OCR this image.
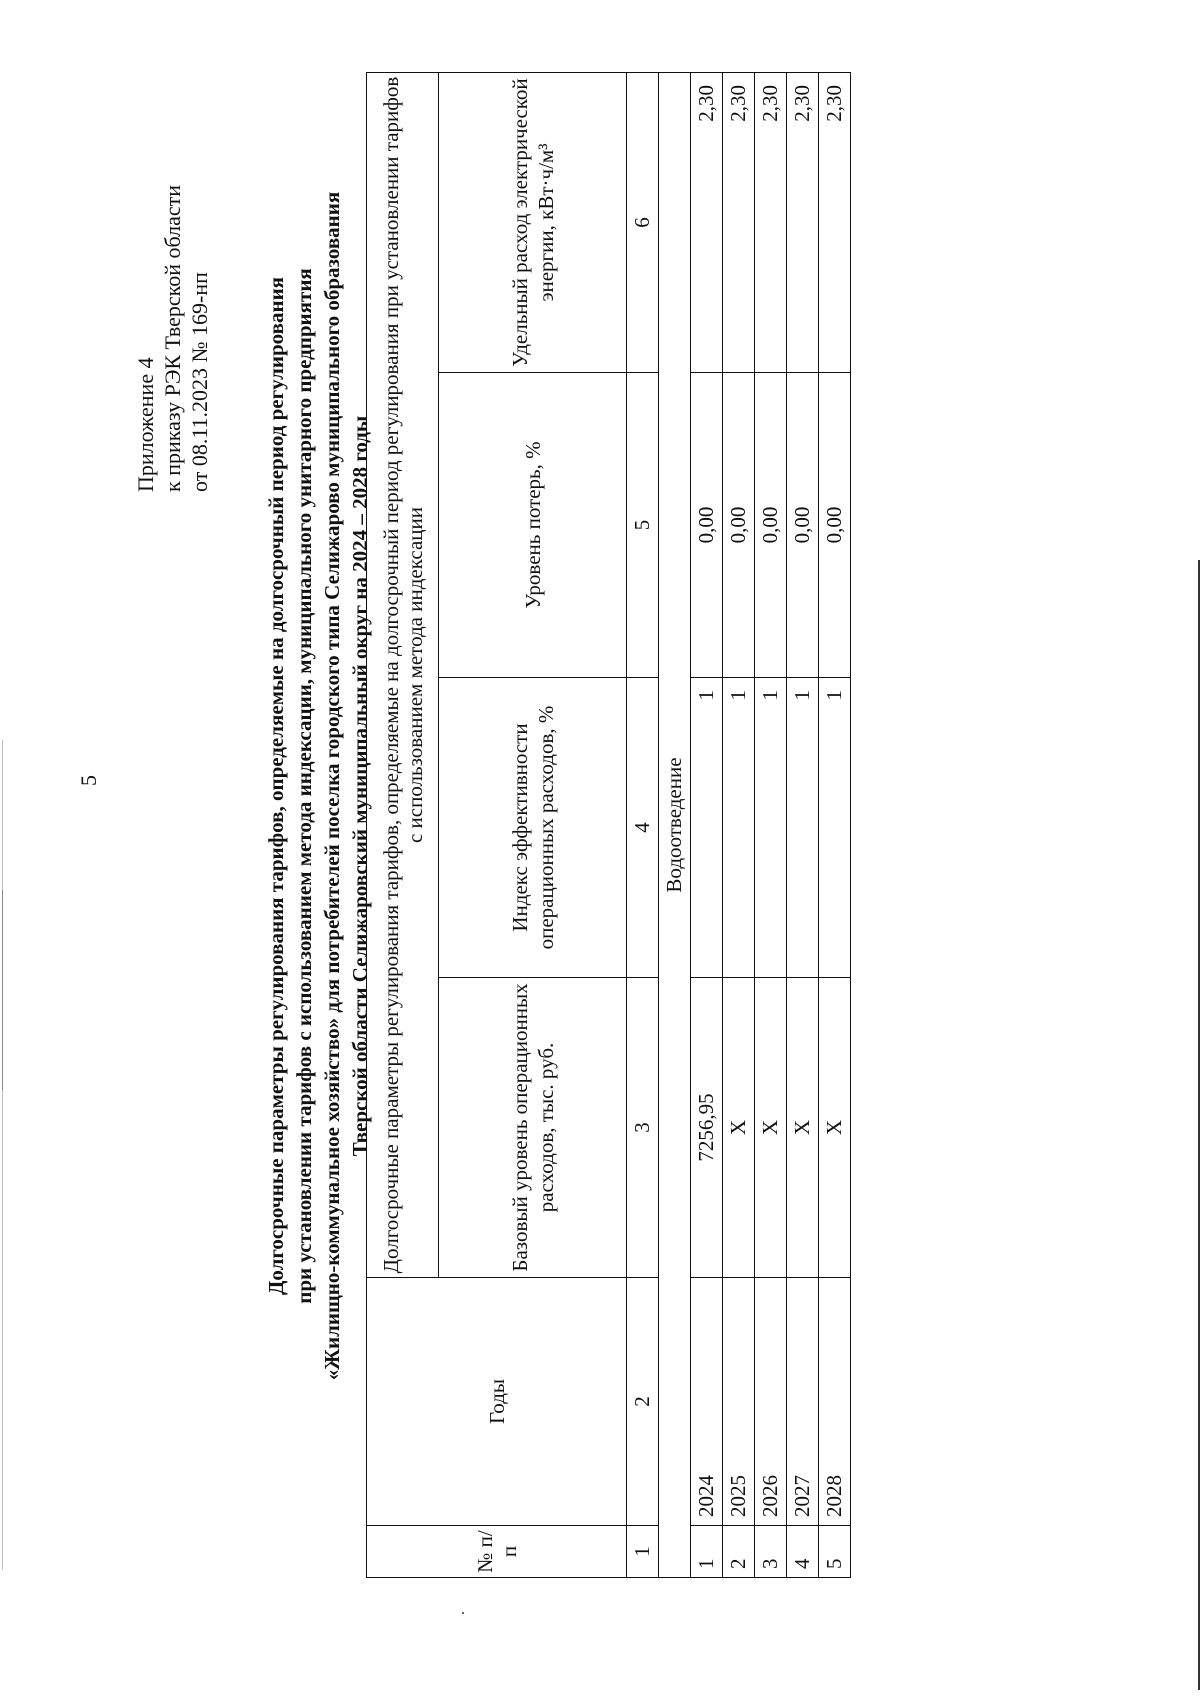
5
Приложение 4 к приказу РЭК Тверской области от 08.11.2023 № 169-нп Долгосрочные параметры регулирования тарифов, определяемые на долгосрочный период регулирования при установлении тарифов с использованием метода индексации, муниципального унитарного предприятия «Жилищно-коммунальное хозяйство» для потребителей поселка городского типа Селижарово муниципального образования Тверской области Селижаровский муниципальный округ на 2024 – 2028 годы
№ п/п	Годы	Долгосрочные параметры регулирования тарифов, определяемые на долгосрочный период регулирования при установлении тарифов с использованием метода индексации			
		Базовый уровень операционных расходов, тыс. руб.	Индекс эффективности операционных расходов, %	Уровень потерь, %	Удельный расход электрической энергии, кВт·ч/м³
1	2	3	4	5	6
Водоотведение					
1	2024	7256,95	1	0,00	2,30
2	2025	X	1	0,00	2,30
3	2026	X	1	0,00	2,30
4	2027	X	1	0,00	2,30
5	2028	X	1	0,00	2,30
